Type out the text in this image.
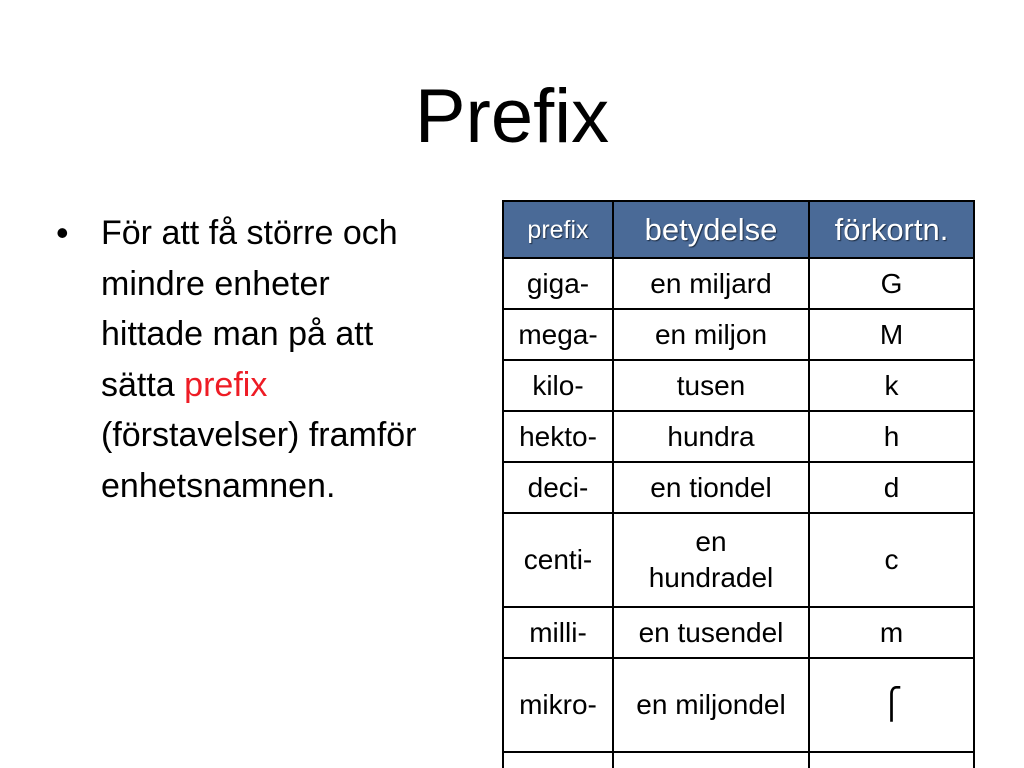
Prefix
• För att få större och mindre enheter hittade man på att sätta prefix (förstavelser) framför enhetsnamnen.
prefix	betydelse	förkortn.
giga-	en miljard	G
mega-	en miljon	M
kilo-	tusen	k
hekto-	hundra	h
deci-	en tiondel	d
centi-	en hundradel	c
milli-	en tusendel	m
mikro-	en miljondel	⎧
